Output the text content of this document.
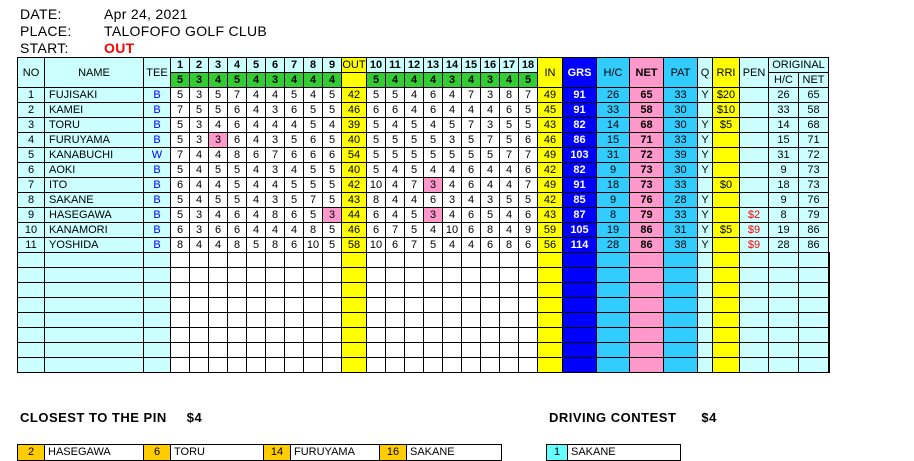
DATE:	Apr 24, 2021
PLACE: TALOFOFO GOLF CLUB
START:	OUT
NO	NAME	TEE	1	2	3	4	5	6	7	8	9	OUT	10	11	12	13	14	15	16	17	18	IN	GRS	H/C	NET	PAT	Q	RRI	PEN	ORIGINAL		
			5	3	4	5	4	3	4	4	4		5	4	4	4	3	4	3	4	5									H/C	NET	
1	FUJISAKI	B	5	3	5	7	4	4	5	4	5	42	5	5	4	6	4	7	3	8	7	49	91	26	65	33	Y	$20		26	65	
2	KAMEI	B	7	5	5	6	4	3	6	5	5	46	6	6	4	6	4	4	4	6	5	45	91	33	58	30		$10		33	58	
3	TORU	B	5	3	4	6	4	4	4	5	4	39	5	4	5	4	5	7	3	5	5	43	82	14	68	30	Y	$5		14	68	
4	FURUYAMA	B	5	3	3	6	4	3	5	6	5	40	5	5	5	5	3	5	7	5	6	46	86	15	71	33	Y			15	71	
5	KANABUCHI	W	7	4	4	8	6	7	6	6	6	54	5	5	5	5	5	5	5	7	7	49	103	31	72	39	Y			31	72	
6	AOKI	B	5	4	5	5	4	3	4	5	5	40	5	4	5	4	4	6	4	4	6	42	82	9	73	30	Y			9	73	
7	ITO	B	6	4	4	5	4	4	5	5	5	42	10	4	7	3	4	6	4	4	7	49	91	18	73	33		$0		18	73	
8	SAKANE	B	5	4	5	5	4	3	5	7	5	43	8	4	4	6	3	4	3	5	5	42	85	9	76	28	Y			9	76	
9	HASEGAWA	B	5	3	4	6	4	8	6	5	3	44	6	4	5	3	4	6	5	4	6	43	87	8	79	33	Y		$2	8	79	
10	KANAMORI	B	6	3	6	6	4	4	4	8	5	46	6	7	5	4	10	6	8	4	9	59	105	19	86	31	Y	$5	$9	19	86	
11	YOSHIDA	B	8	4	4	8	5	8	6	10	5	58	10	6	7	5	4	4	6	8	6	56	114	28	86	38	Y		$9	28	86	

CLOSEST TO THE PIN $4	DRIVING CONTEST $4
2	HASEGAWA	6	TORU	14 FURUYAMA	16 SAKANE	1 SAKANE
